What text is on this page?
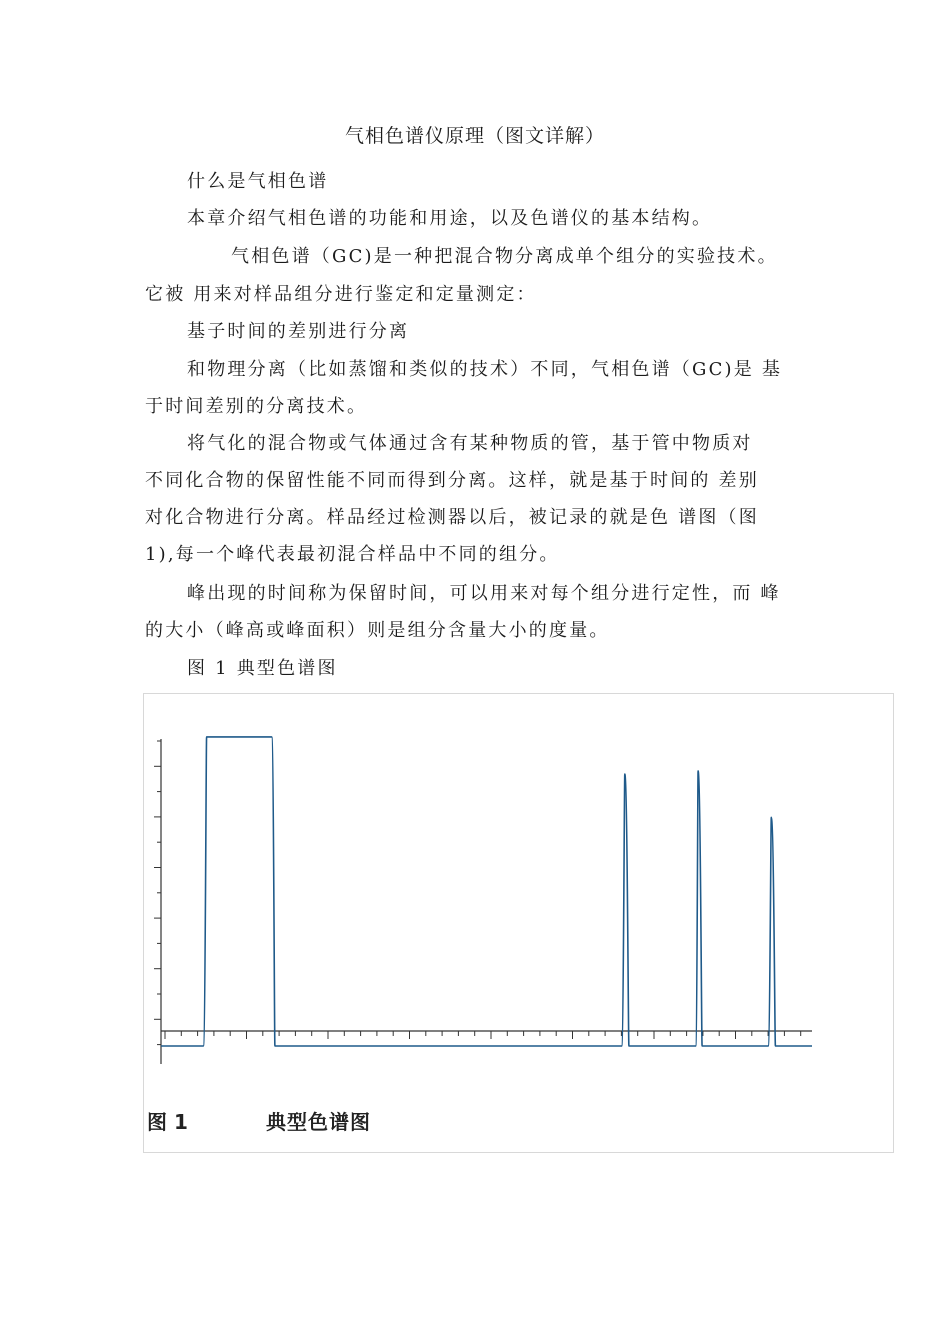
气相色谱仪原理（图文详解）
什么是气相色谱
本章介绍气相色谱的功能和用途，以及色谱仪的基本结构。
气相色谱（GC)是一种把混合物分离成单个组分的实验技术。
它被 用来对样品组分进行鉴定和定量测定：
基子时间的差别进行分离
和物理分离（比如蒸馏和类似的技术）不同，气相色谱（GC)是 基
于时间差别的分离技术。
将气化的混合物或气体通过含有某种物质的管，基于管中物质对
不同化合物的保留性能不同而得到分离。这样，就是基于时间的 差别
对化合物进行分离。样品经过检测器以后，被记录的就是色 谱图（图
1),每一个峰代表最初混合样品中不同的组分。
峰出现的时间称为保留时间，可以用来对每个组分进行定性，而 峰
的大小（峰高或峰面积）则是组分含量大小的度量。
图 1 典型色谱图
图 1	典型色谱图
